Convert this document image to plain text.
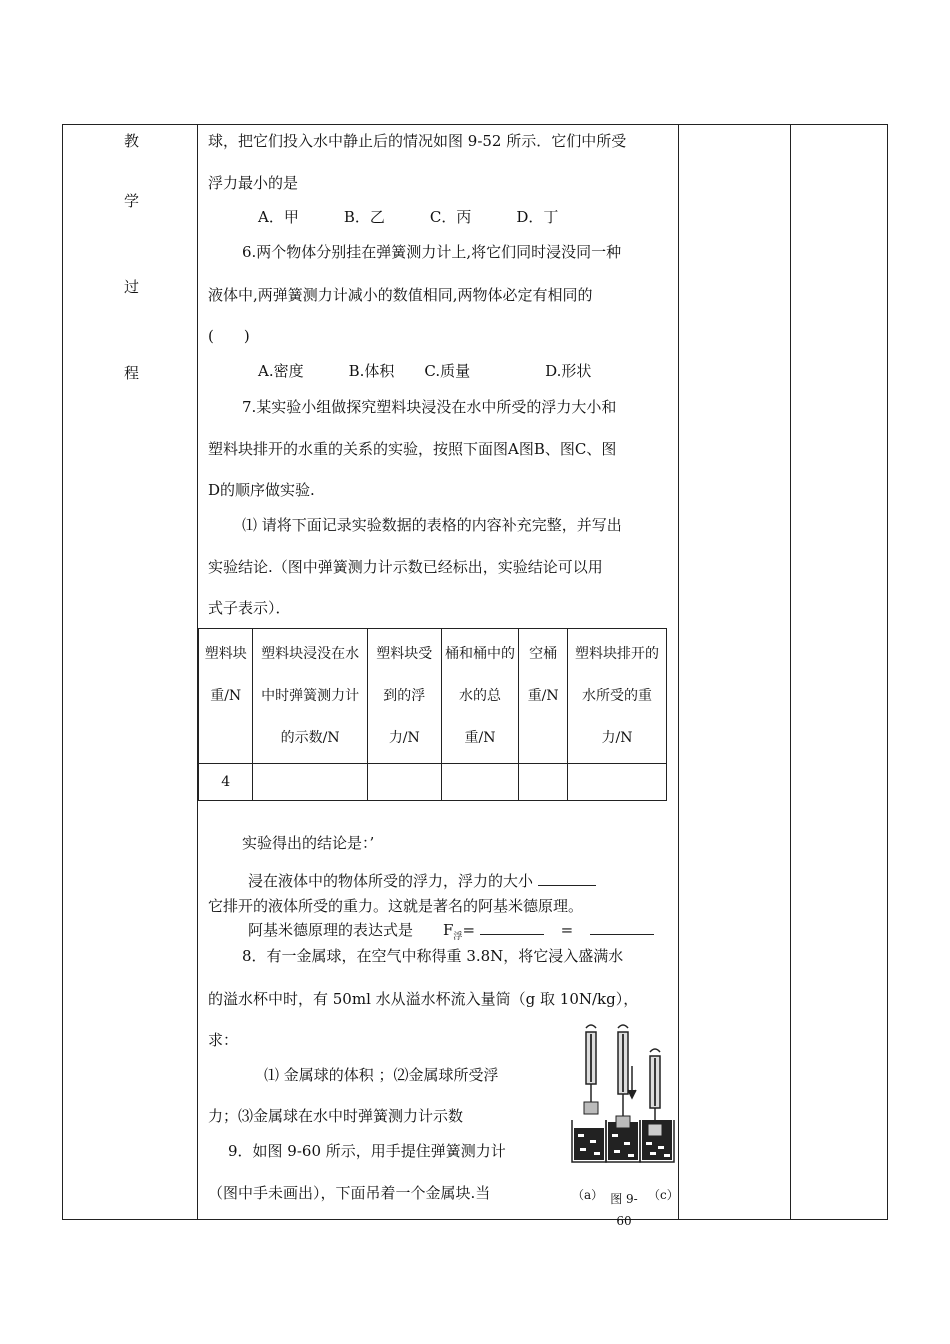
教
学
过
程
球，把它们投入水中静止后的情况如图 9-52 所示．它们中所受
浮力最小的是
A．甲　　　B．乙　　　C．丙　　　D．丁
6.两个物体分别挂在弹簧测力计上,将它们同时浸没同一种
液体中,两弹簧测力计减小的数值相同,两物体必定有相同的
(　　)
A.密度　　　B.体积　　C.质量　　　　　D.形状
7.某实验小组做探究塑料块浸没在水中所受的浮力大小和
塑料块排开的水重的关系的实验，按照下面图A图B、图C、图
D的顺序做实验.
⑴ 请将下面记录实验数据的表格的内容补充完整，并写出
实验结论.（图中弹簧测力计示数已经标出，实验结论可以用
式子表示）．
塑料块重/N	塑料块浸没在水中时弹簧测力计的示数/N	塑料块受到的浮力/N	桶和桶中的水的总重/N	空桶重/N	塑料块排开的水所受的重力/N
4					
实验得出的结论是：’
浸在液体中的物体所受的浮力，浮力的大小
它排开的液体所受的重力。这就是著名的阿基米德原理。
阿基米德原理的表达式是　　$F_浮=$	=
8．有一金属球，在空气中称得重 3.8N，将它浸入盛满水
的溢水杯中时，有 50ml 水从溢水杯流入量筒（g 取 10N/kg），
求：
⑴ 金属球的体积 ；⑵金属球所受浮
力；⑶金属球在水中时弹簧测力计示数
9．如图 9-60 所示，用手提住弹簧测力计
（图中手未画出），下面吊着一个金属块.当	（a） 图 9-60
（c）
